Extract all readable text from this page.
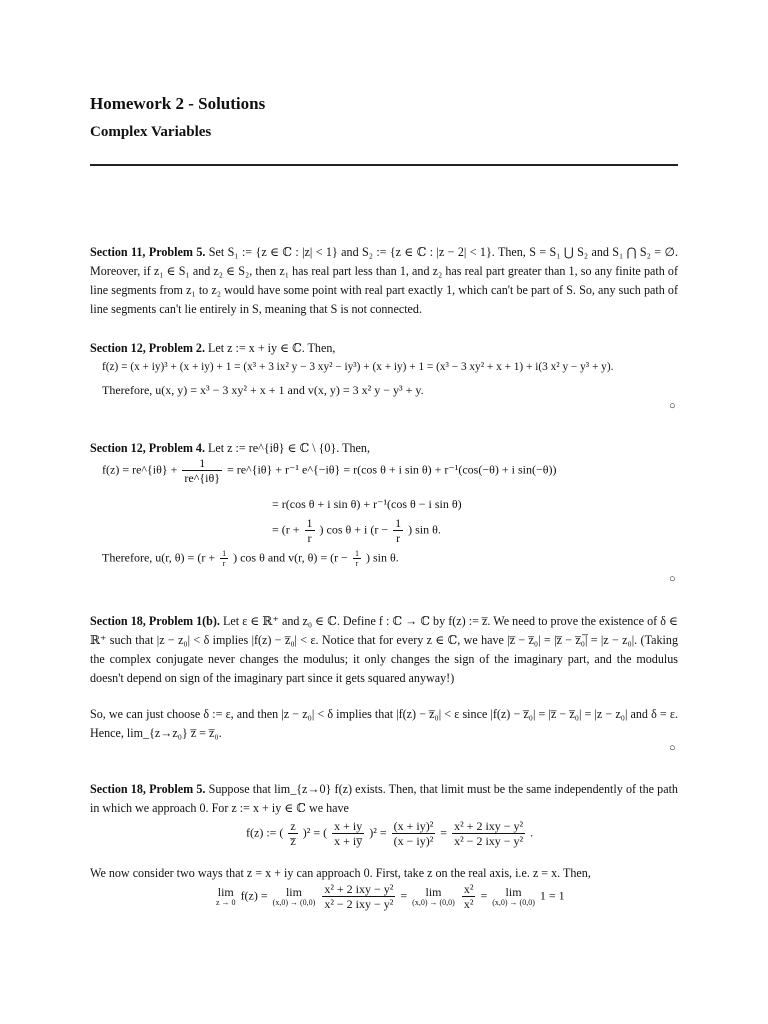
Homework 2 - Solutions
Complex Variables
Section 11, Problem 5. Set S₁ := {z ∈ ℂ : |z| < 1} and S₂ := {z ∈ ℂ : |z − 2| < 1}. Then, S = S₁ ⋃ S₂ and S₁ ⋂ S₂ = ∅. Moreover, if z₁ ∈ S₁ and z₂ ∈ S₂, then z₁ has real part less than 1, and z₂ has real part greater than 1, so any finite path of line segments from z₁ to z₂ would have some point with real part exactly 1, which can't be part of S. So, any such path of line segments can't lie entirely in S, meaning that S is not connected.
Section 12, Problem 2. Let z := x + iy ∈ ℂ. Then,
f(z) = (x + iy)³ + (x + iy) + 1 = (x³ + 3 ix² y − 3 xy² − iy³) + (x + iy) + 1 = (x³ − 3 xy² + x + 1) + i(3 x² y − y³ + y).
Therefore, u(x, y) = x³ − 3 xy² + x + 1 and v(x, y) = 3 x² y − y³ + y.
○
Section 12, Problem 4. Let z := re^{iθ} ∈ ℂ \ {0}. Then,
f(z) = re^{iθ} + $\frac{1}{re\^{}\{i\theta\}}$ = re^{iθ} + r⁻¹ e^{−iθ} = r(cos θ + i sin θ) + r⁻¹(cos(−θ) + i sin(−θ))
= r(cos θ + i sin θ) + r⁻¹(cos θ − i sin θ)
= ($r + \frac{1}{r}$ ) cos θ + i ($r - \frac{1}{r}$ ) sin θ.
Therefore, u(r, $\theta) = (r + \frac{1}{r}$ ) cos θ and v(r, $\theta) = (r - \frac{1}{r}$ ) sin θ.
○
Section 18, Problem 1(b). Let ε ∈ ℝ⁺ and z₀ ∈ ℂ. Define f : ℂ → ℂ by f(z) := z̅. We need to prove the existence of δ ∈ ℝ⁺ such that |z − z₀| < δ implies |f(z) − z̅₀| < ε. Notice that for every z ∈ ℂ, we have |z̅ − z̅₀| = |z̅ − z̅₀̅| = |z − z₀|. (Taking the complex conjugate never changes the modulus; it only changes the sign of the imaginary part, and the modulus doesn't depend on sign of the imaginary part since it gets squared anyway!)
So, we can just choose δ := ε, and then |z − z₀| < δ implies that |f(z) − z̅₀| < ε since |f(z) − z̅₀| = |z̅ − z̅₀| = |z − z₀| and δ = ε. Hence, lim_{z→z₀} z̅ = z̅₀.
○
Section 18, Problem 5. Suppose that lim_{z→0} f(z) exists. Then, that limit must be the same independently of the path in which we approach 0. For z := x + iy ∈ ℂ we have
f(z) := ( $\frac{z}{z̅} )^2$ = ( $\frac{x + iy}{x + iy̅} )^2 = \frac{\text{(x + iy)²}}{\text{(x − iy)²}} = \frac{\text{x² + 2 ixy − y²}}{\text{x² − 2 ixy − y²}}$ .
We now consider two ways that z = x + iy can approach 0. First, take z on the real axis, i.e. z = x. Then,
lim
z → 0
f(z) =	lim
(x,0) → (0,0)
$\frac{\text{x² + 2 ixy − y²}}{\text{x² − 2 ixy − y²}}$ =	lim
(x,0) → (0,0)
$\frac{\text{x²}}{\text{x²}}$ =	lim
(x,0) → (0,0)
1 = 1
